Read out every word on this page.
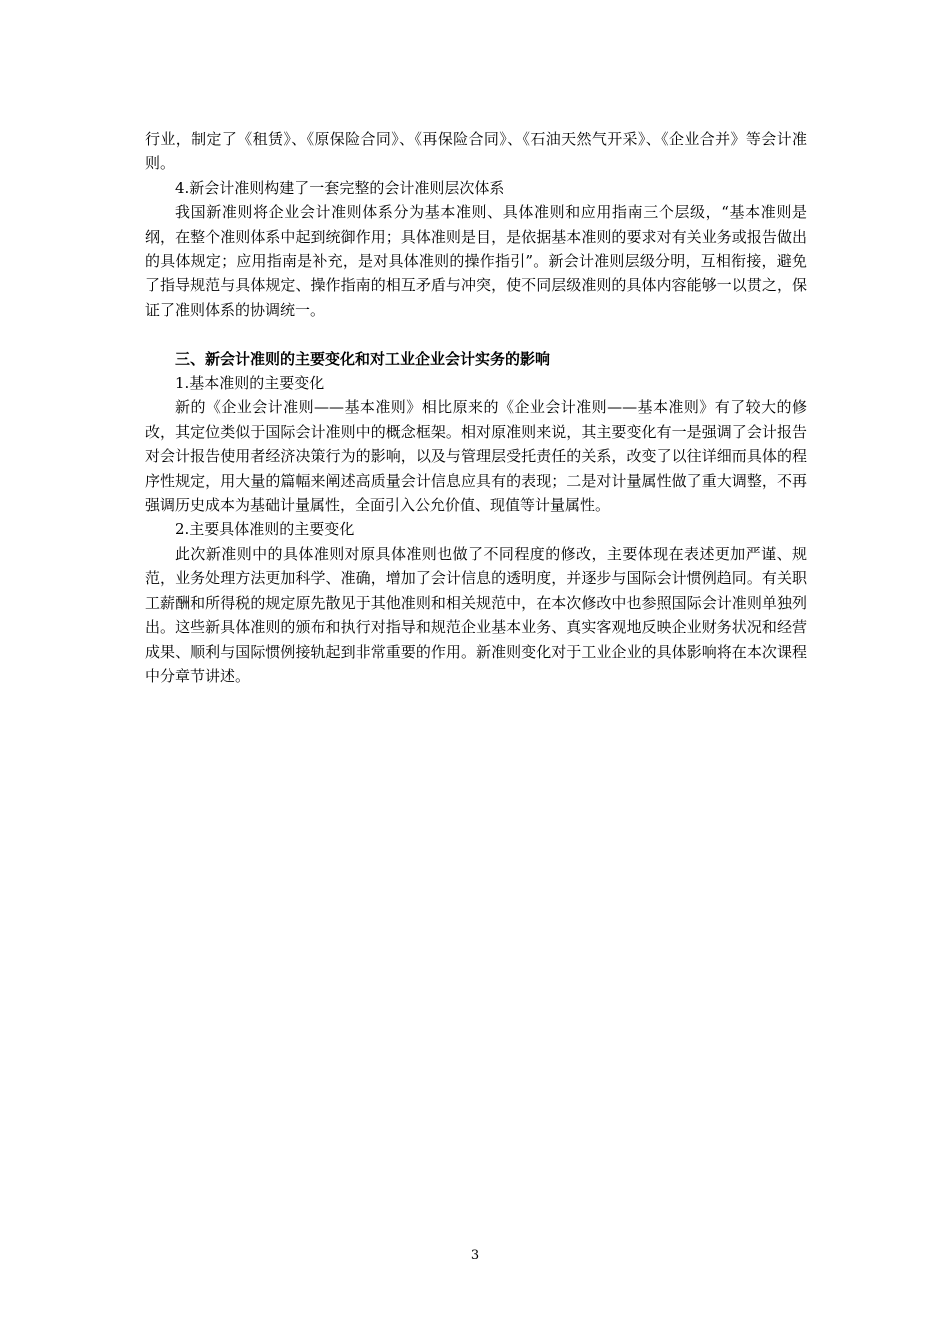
行业，制定了《租赁》、《原保险合同》、《再保险合同》、《石油天然气开采》、《企业合并》等会计准则。

4.新会计准则构建了一套完整的会计准则层次体系

我国新准则将企业会计准则体系分为基本准则、具体准则和应用指南三个层级，“基本准则是纲，在整个准则体系中起到统御作用；具体准则是目，是依据基本准则的要求对有关业务或报告做出的具体规定；应用指南是补充，是对具体准则的操作指引”。新会计准则层级分明，互相衔接，避免了指导规范与具体规定、操作指南的相互矛盾与冲突，使不同层级准则的具体内容能够一以贯之，保证了准则体系的协调统一。

三、新会计准则的主要变化和对工业企业会计实务的影响

1.基本准则的主要变化

新的《企业会计准则——基本准则》相比原来的《企业会计准则——基本准则》有了较大的修改，其定位类似于国际会计准则中的概念框架。相对原准则来说，其主要变化有一是强调了会计报告对会计报告使用者经济决策行为的影响，以及与管理层受托责任的关系，改变了以往详细而具体的程序性规定，用大量的篇幅来阐述高质量会计信息应具有的表现；二是对计量属性做了重大调整，不再强调历史成本为基础计量属性，全面引入公允价值、现值等计量属性。

2.主要具体准则的主要变化

此次新准则中的具体准则对原具体准则也做了不同程度的修改，主要体现在表述更加严谨、规范，业务处理方法更加科学、准确，增加了会计信息的透明度，并逐步与国际会计惯例趋同。有关职工薪酬和所得税的规定原先散见于其他准则和相关规范中，在本次修改中也参照国际会计准则单独列出。这些新具体准则的颁布和执行对指导和规范企业基本业务、真实客观地反映企业财务状况和经营成果、顺利与国际惯例接轨起到非常重要的作用。新准则变化对于工业企业的具体影响将在本次课程中分章节讲述。

3
